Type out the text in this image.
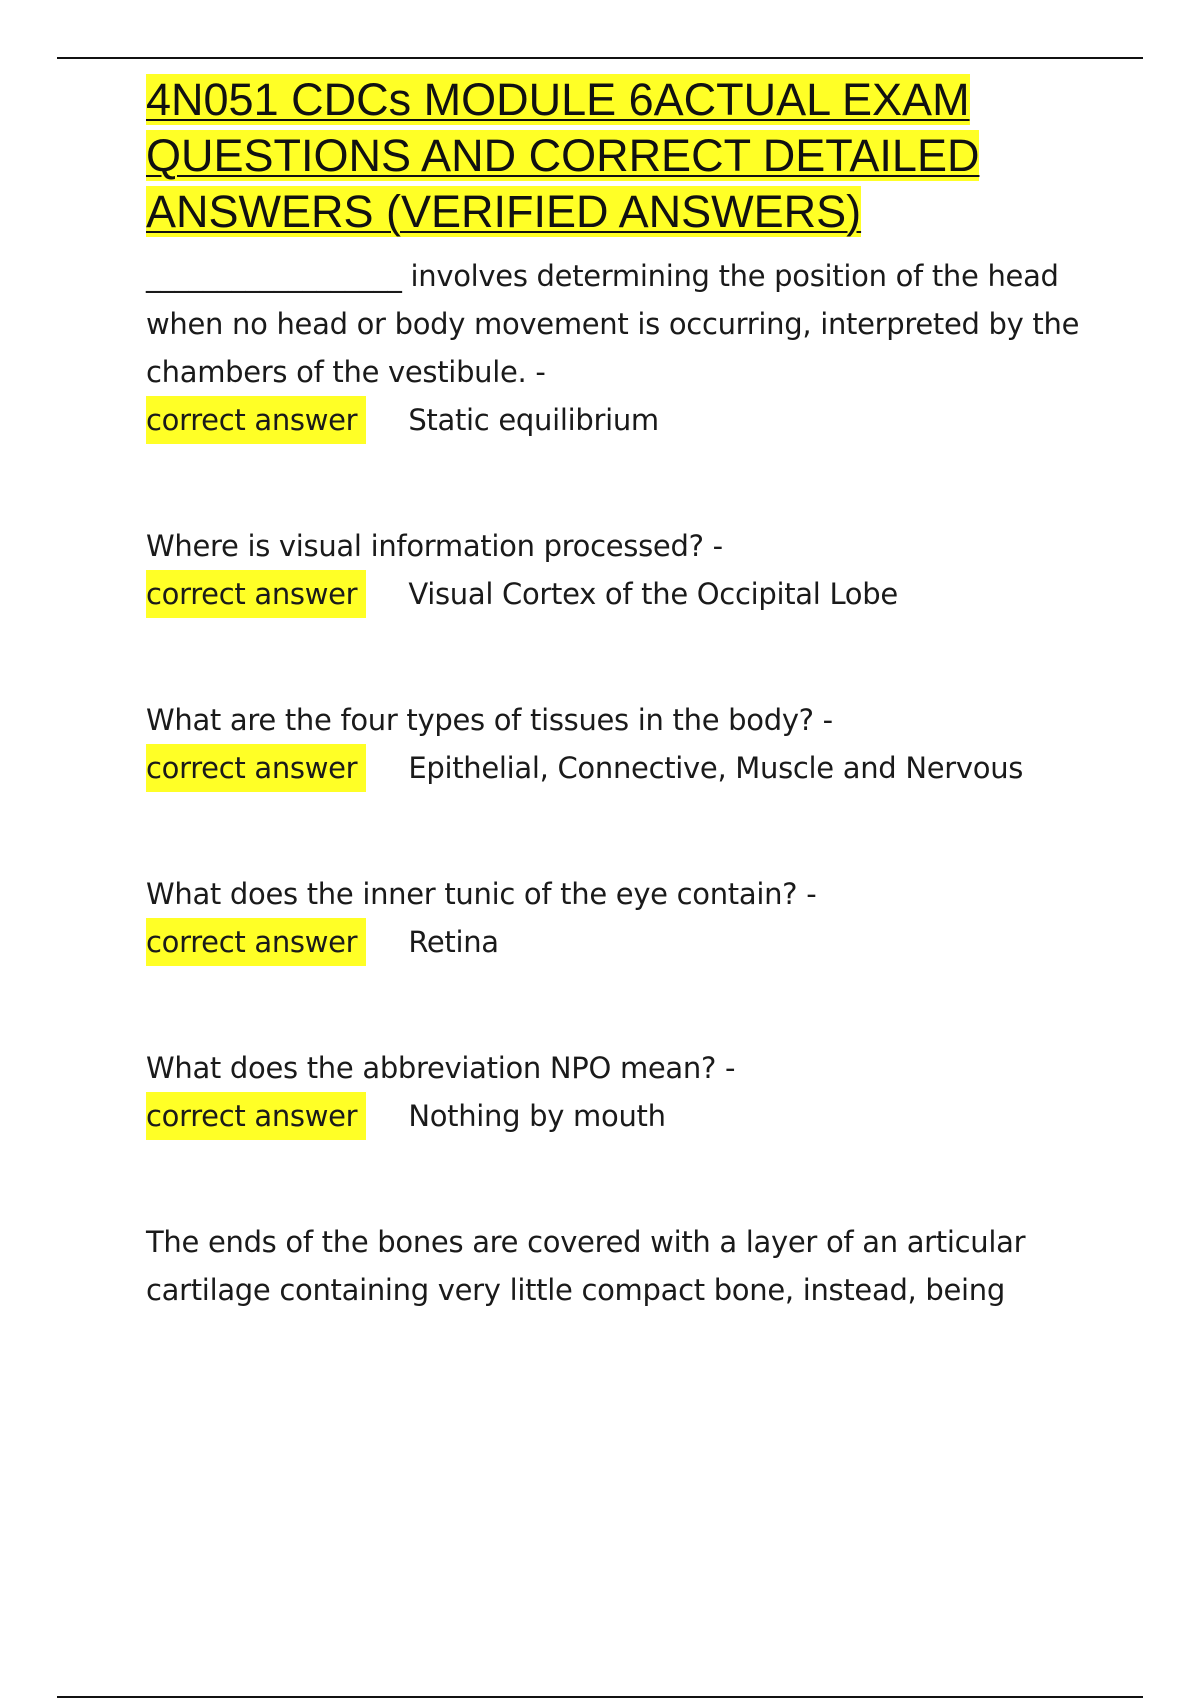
4N051 CDCs MODULE 6ACTUAL EXAM QUESTIONS AND CORRECT DETAILED ANSWERS (VERIFIED ANSWERS)

__________________ involves determining the position of the head when no head or body movement is occurring, interpreted by the chambers of the vestibule. -

correct answer	Static equilibrium

Where is visual information processed? -

correct answer	Visual Cortex of the Occipital Lobe

What are the four types of tissues in the body? -

correct answer	Epithelial, Connective, Muscle and Nervous

What does the inner tunic of the eye contain? -

correct answer	Retina

What does the abbreviation NPO mean? -

correct answer	Nothing by mouth

The ends of the bones are covered with a layer of an articular cartilage containing very little compact bone, instead, being
